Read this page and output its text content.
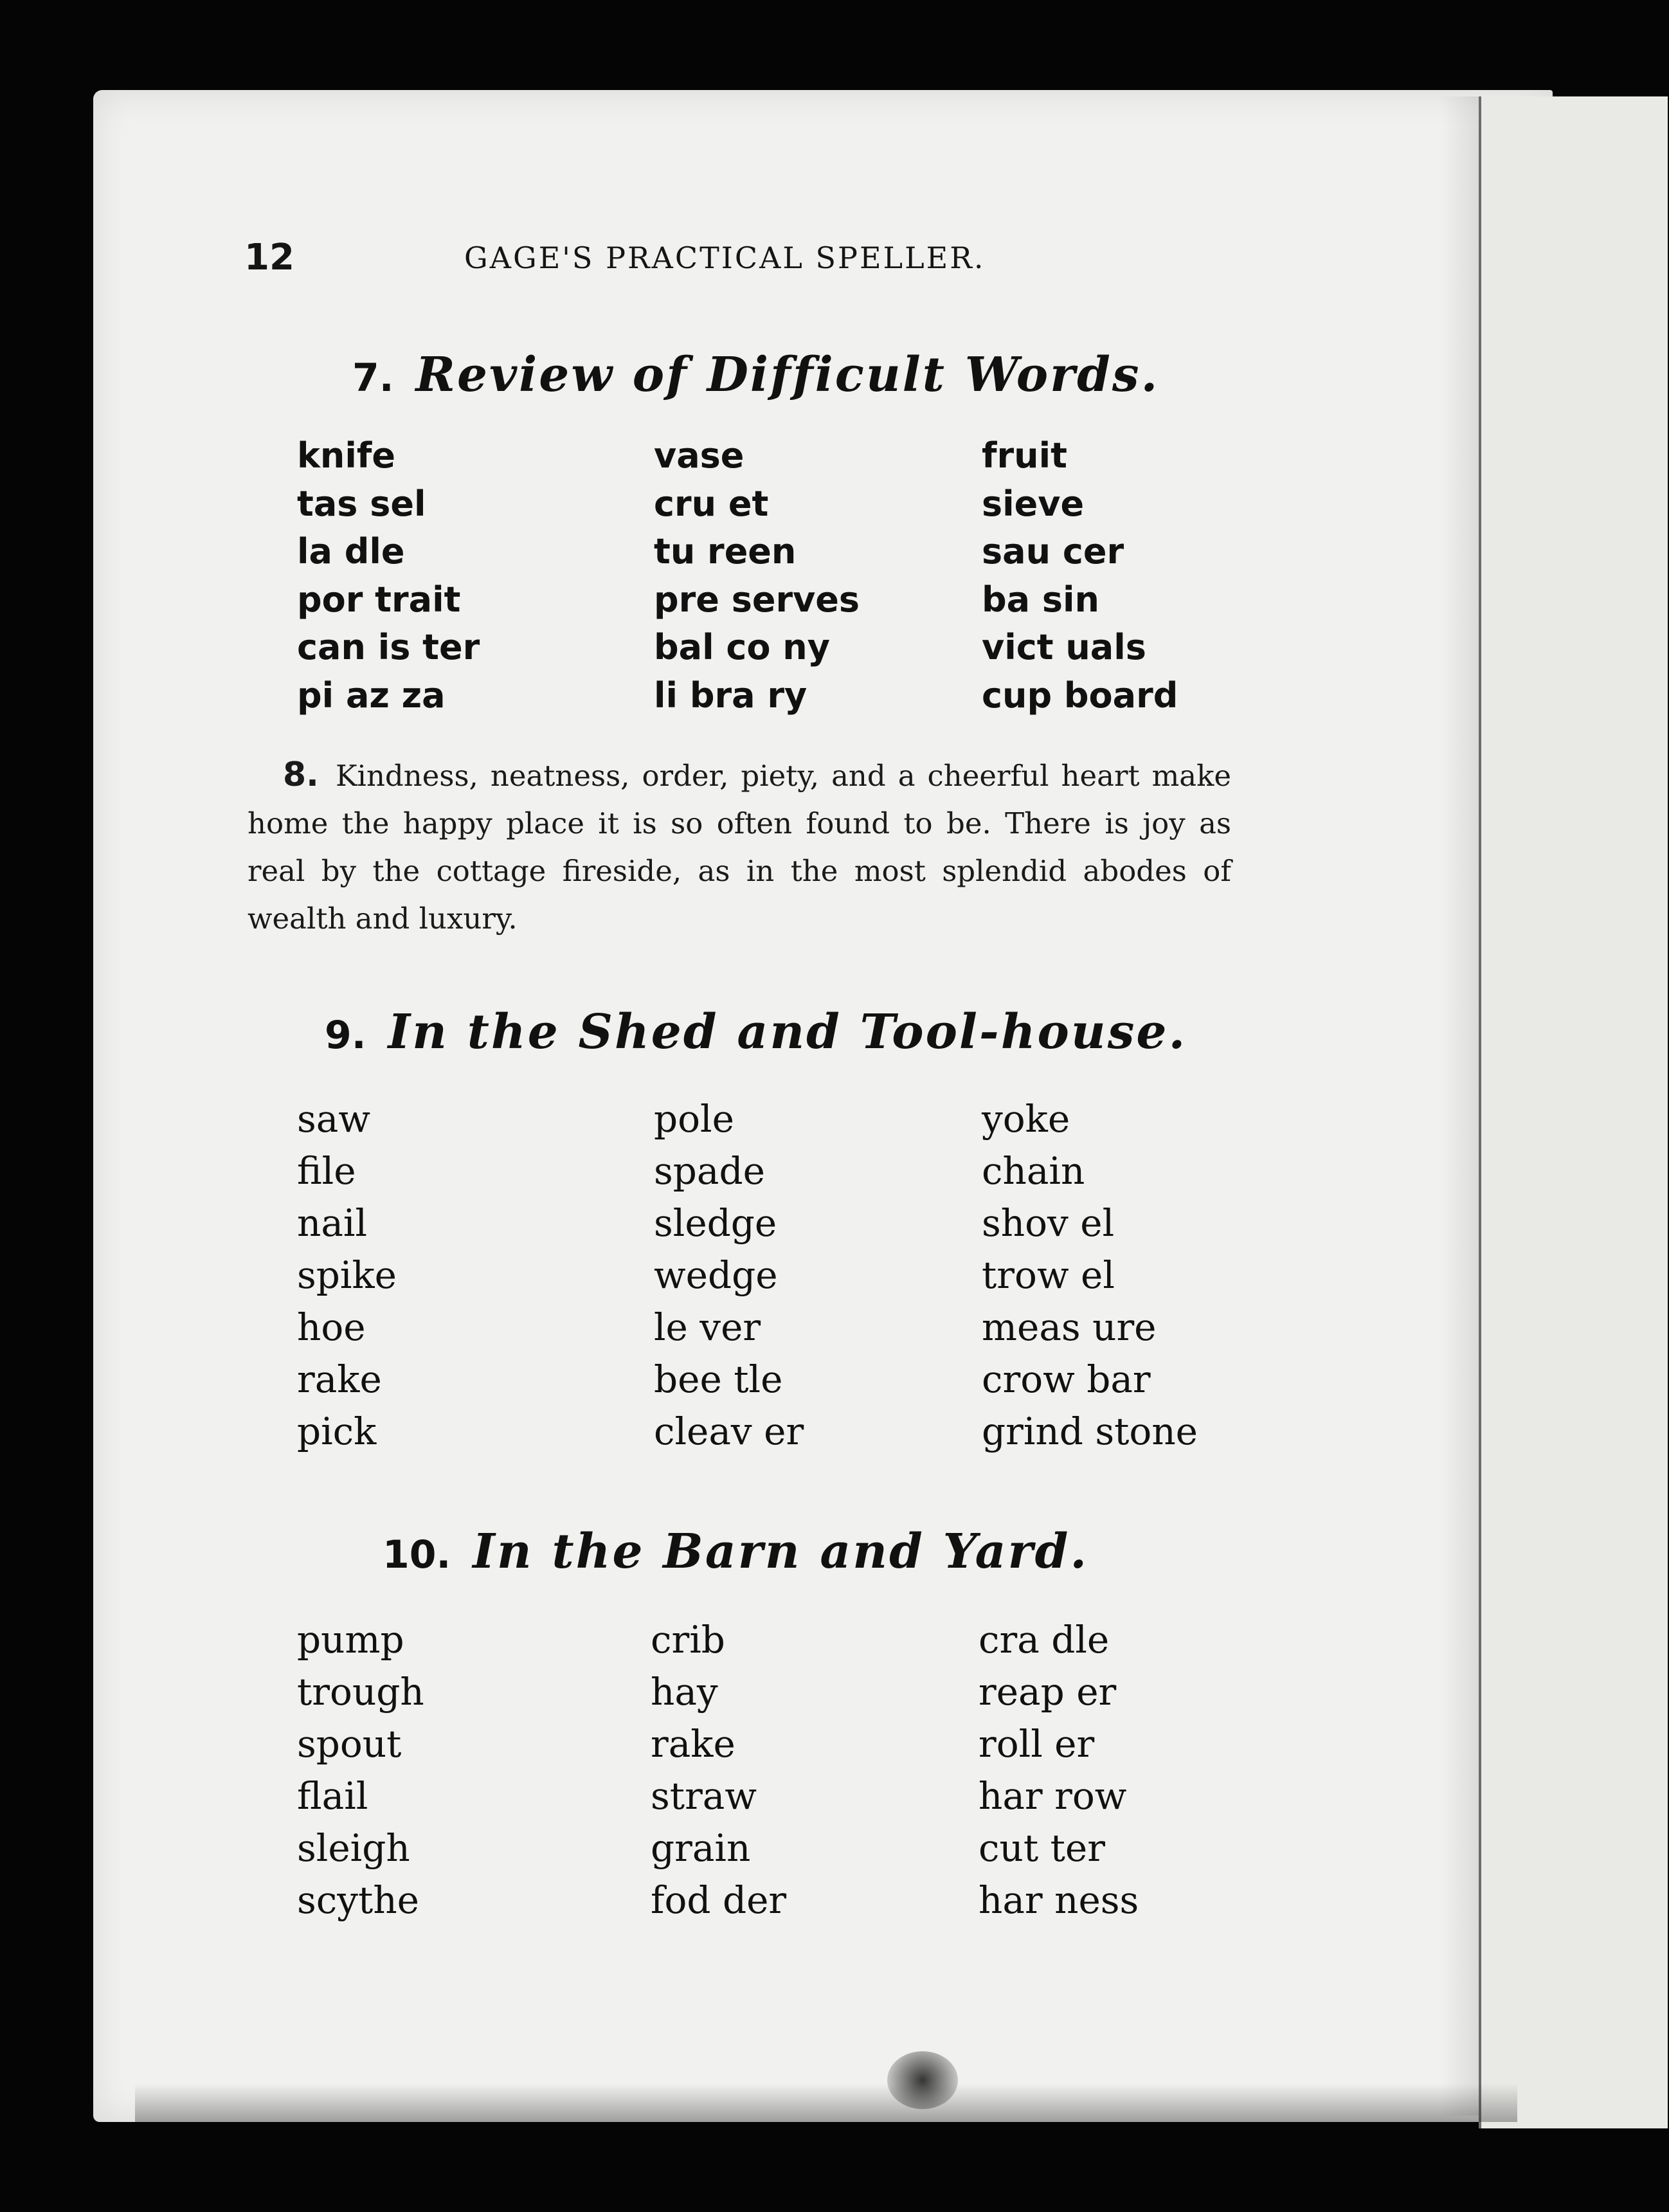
12	GAGE'S PRACTICAL SPELLER.
7. Review of Difficult Words.
knife	vase	fruit
tas sel	cru et	sieve
la dle	tu reen	sau cer
por trait	pre serves	ba sin
can is ter	bal co ny	vict uals
pi az za	li bra ry	cup board
8. Kindness, neatness, order, piety, and a cheerful heart make home the happy place it is so often found to be. There is joy as real by the cottage fireside, as in the most splendid abodes of wealth and luxury.
9. In the Shed and Tool-house.
saw	pole	yoke
file	spade	chain
nail	sledge	shov el
spike	wedge	trow el
hoe	le ver	meas ure
rake	bee tle	crow bar
pick	cleav er	grind stone
10. In the Barn and Yard.
pump	crib	cra dle
trough	hay	reap er
spout	rake	roll er
flail	straw	har row
sleigh	grain	cut ter
scythe	fod der	har ness
